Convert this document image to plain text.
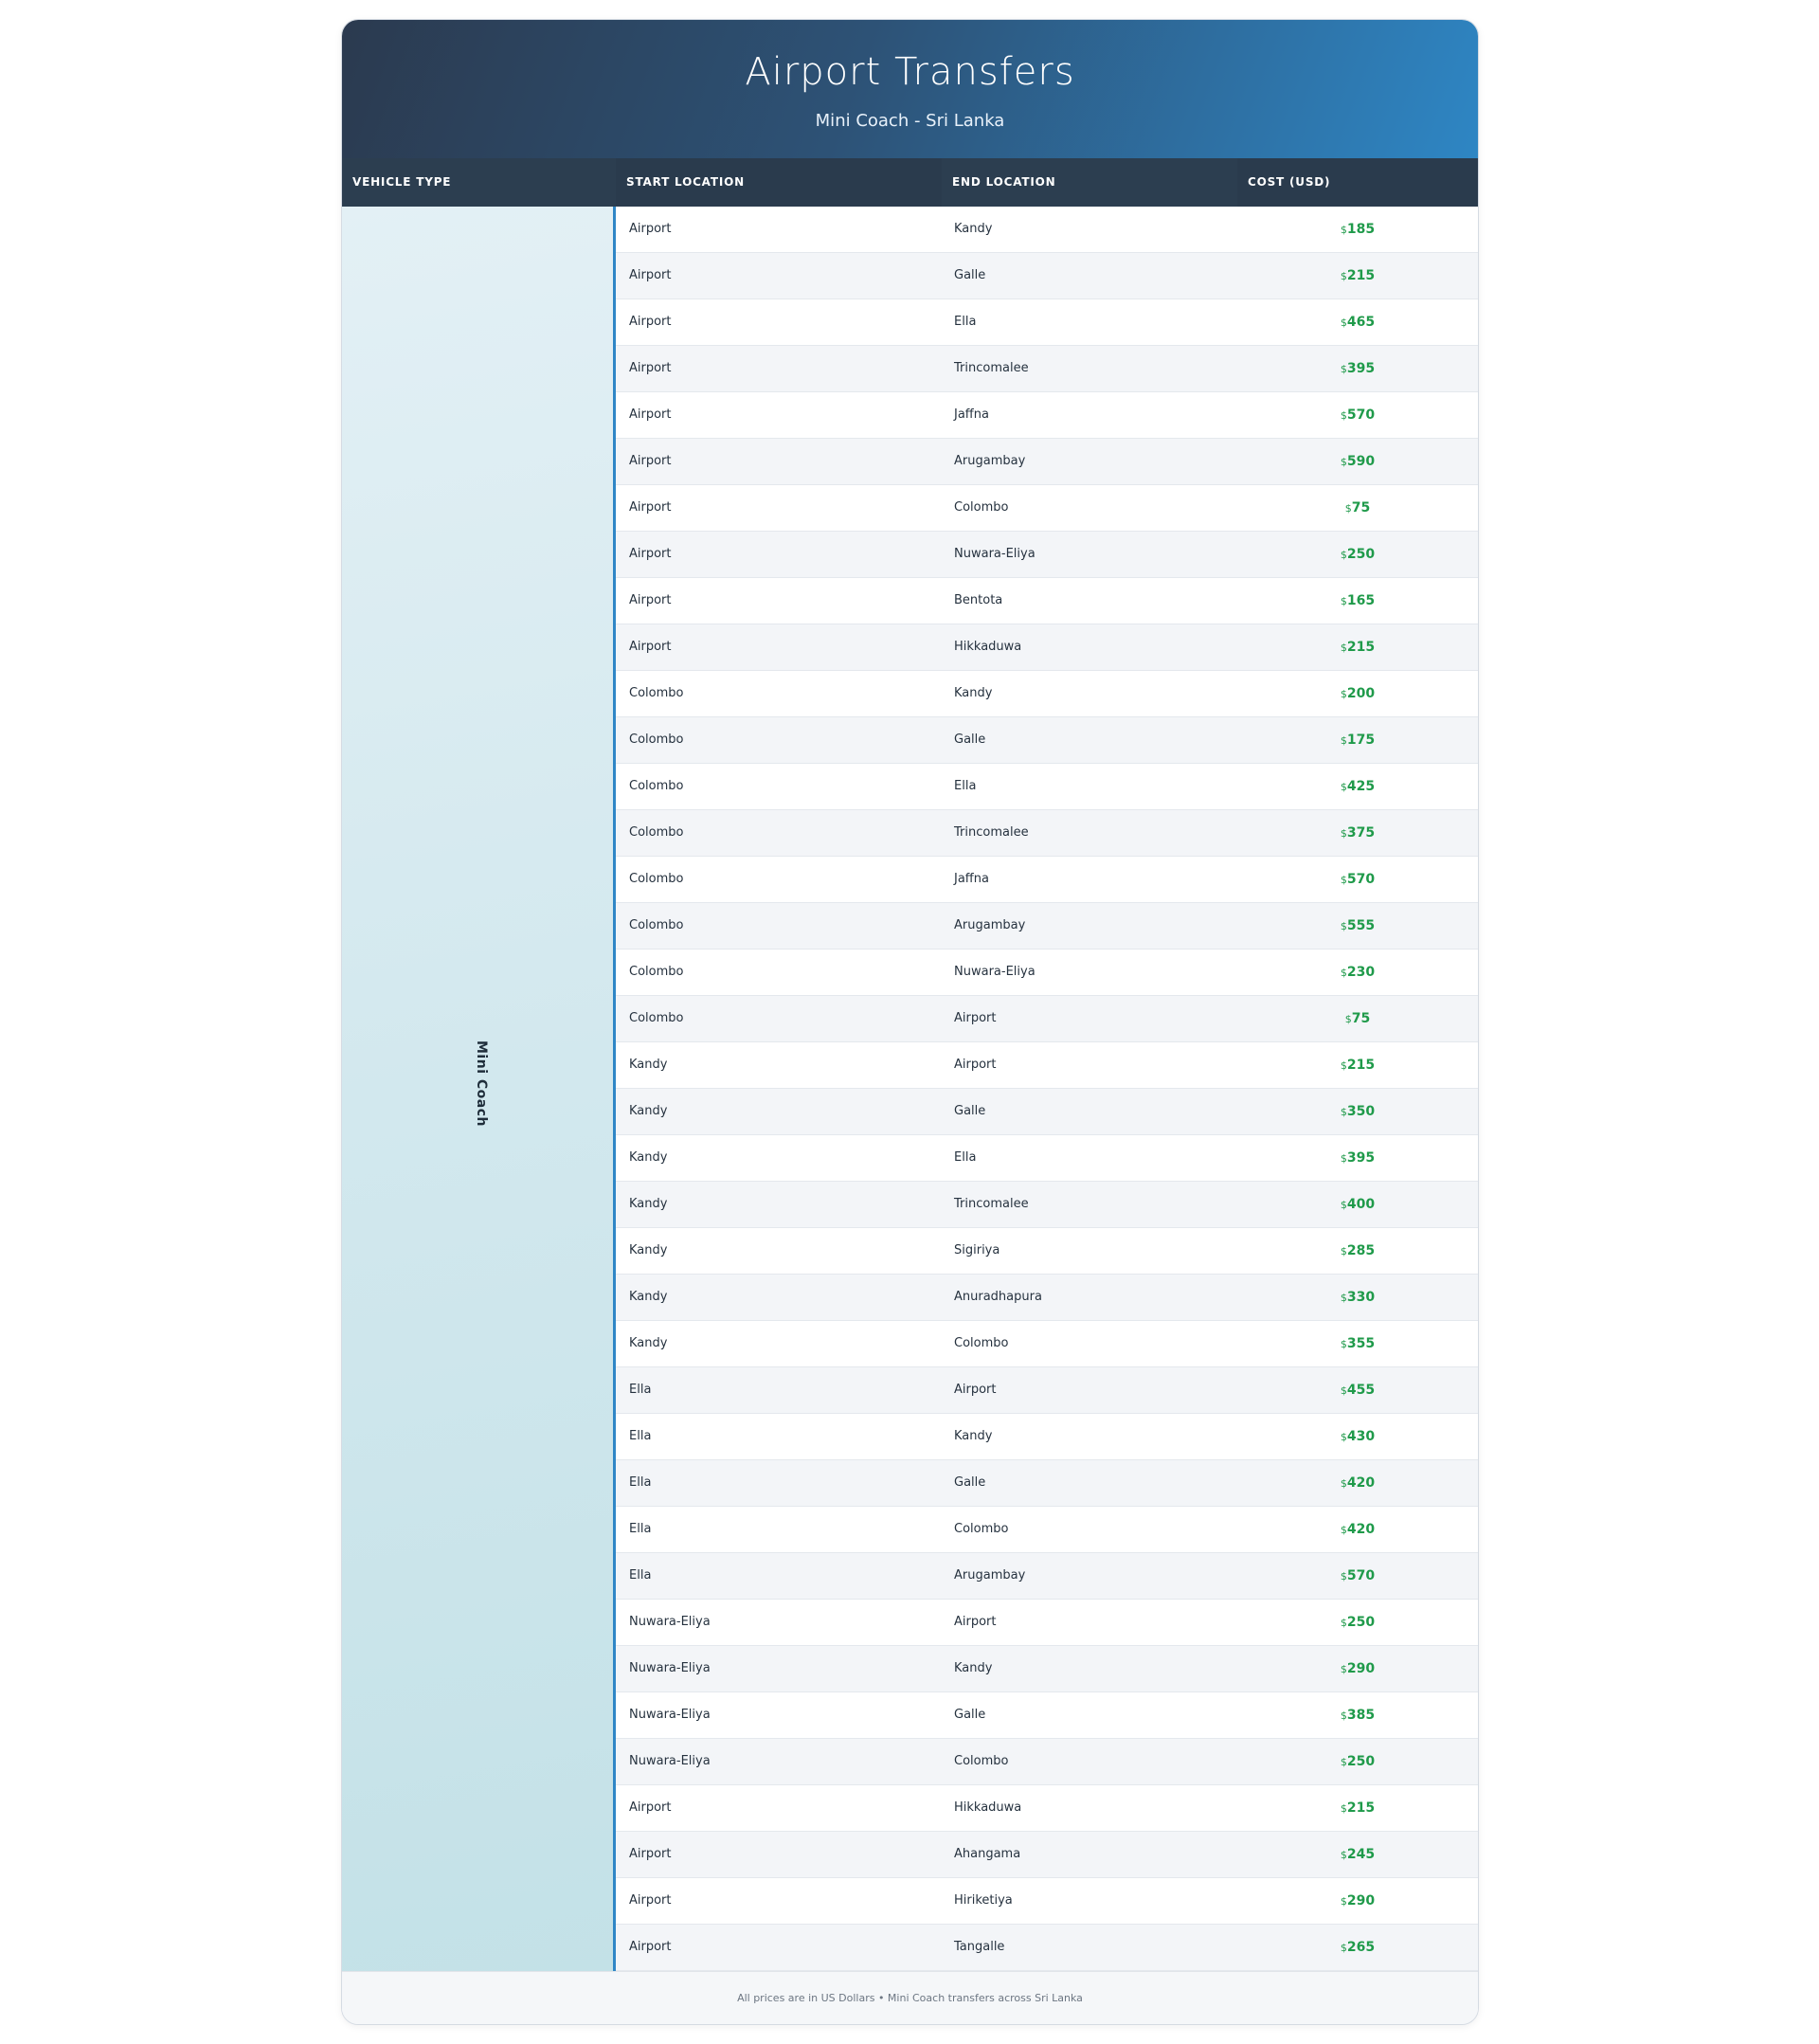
Airport Transfers
Mini Coach - Sri Lanka
VEHICLE TYPE	START LOCATION	END LOCATION	COST (USD)
Mini Coach
Airport	Kandy	$185
Airport	Galle	$215
Airport	Ella	$465
Airport	Trincomalee	$395
Airport	Jaffna	$570
Airport	Arugambay	$590
Airport	Colombo	$75
Airport	Nuwara-Eliya	$250
Airport	Bentota	$165
Airport	Hikkaduwa	$215
Colombo	Kandy	$200
Colombo	Galle	$175
Colombo	Ella	$425
Colombo	Trincomalee	$375
Colombo	Jaffna	$570
Colombo	Arugambay	$555
Colombo	Nuwara-Eliya	$230
Colombo	Airport	$75
Kandy	Airport	$215
Kandy	Galle	$350
Kandy	Ella	$395
Kandy	Trincomalee	$400
Kandy	Sigiriya	$285
Kandy	Anuradhapura	$330
Kandy	Colombo	$355
Ella	Airport	$455
Ella	Kandy	$430
Ella	Galle	$420
Ella	Colombo	$420
Ella	Arugambay	$570
Nuwara-Eliya	Airport	$250
Nuwara-Eliya	Kandy	$290
Nuwara-Eliya	Galle	$385
Nuwara-Eliya	Colombo	$250
Airport	Hikkaduwa	$215
Airport	Ahangama	$245
Airport	Hiriketiya	$290
Airport	Tangalle	$265
All prices are in US Dollars • Mini Coach transfers across Sri Lanka
